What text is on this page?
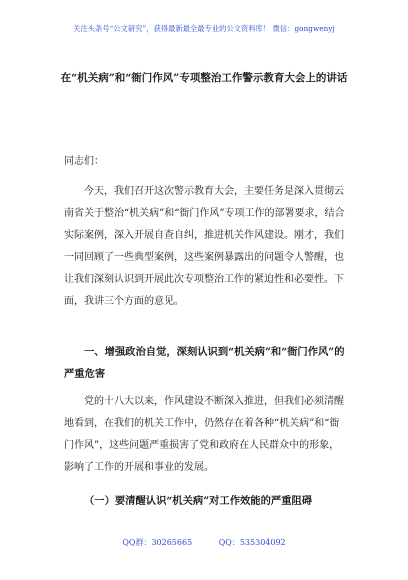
关注头条号“公文研究”，获得最新最全最专业的公文资料库！ 微信：gongwenyj
在“机关病”和“衙门作风”专项整治工作警示教育大会上的讲话
同志们：

今天，我们召开这次警示教育大会，主要任务是深入贯彻云南省关于整治“机关病”和“衙门作风”专项工作的部署要求，结合实际案例，深入开展自查自纠，推进机关作风建设。刚才，我们一同回顾了一些典型案例，这些案例暴露出的问题令人警醒，也让我们深刻认识到开展此次专项整治工作的紧迫性和必要性。下面，我讲三个方面的意见。

一、增强政治自觉，深刻认识到“机关病”和“衙门作风”的严重危害

党的十八大以来，作风建设不断深入推进，但我们必须清醒地看到，在我们的机关工作中，仍然存在着各种“机关病”和“衙门作风”，这些问题严重损害了党和政府在人民群众中的形象，影响了工作的开展和事业的发展。

（一）要清醒认识“机关病”对工作效能的严重阻碍
QQ群：30265665	QQ：535304092
